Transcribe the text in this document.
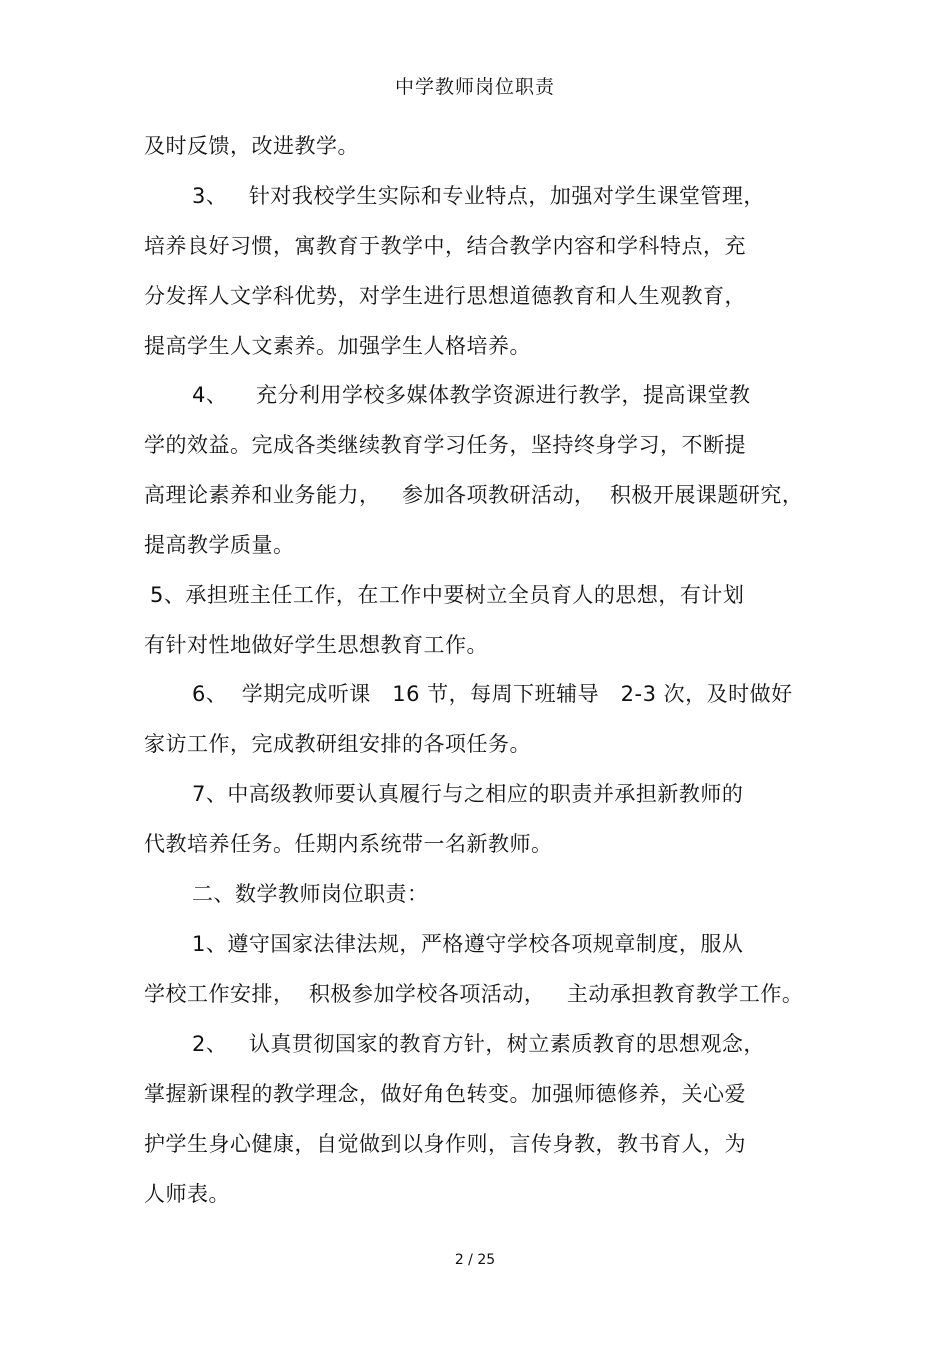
中学教师岗位职责
及时反馈，改进教学。
3、   针对我校学生实际和专业特点，加强对学生课堂管理，
培养良好习惯，寓教育于教学中，结合教学内容和学科特点，充
分发挥人文学科优势，对学生进行思想道德教育和人生观教育，
提高学生人文素养。加强学生人格培养。
4、    充分利用学校多媒体教学资源进行教学，提高课堂教
学的效益。完成各类继续教育学习任务，坚持终身学习，不断提
高理论素养和业务能力，   参加各项教研活动，  积极开展课题研究，
提高教学质量。
5、承担班主任工作，在工作中要树立全员育人的思想，有计划
有针对性地做好学生思想教育工作。
6、  学期完成听课   16 节，每周下班辅导   2-3 次，及时做好
家访工作，完成教研组安排的各项任务。
7、中高级教师要认真履行与之相应的职责并承担新教师的
代教培养任务。任期内系统带一名新教师。
二、数学教师岗位职责：
1、遵守国家法律法规，严格遵守学校各项规章制度，服从
学校工作安排，  积极参加学校各项活动，   主动承担教育教学工作。
2、   认真贯彻国家的教育方针，树立素质教育的思想观念，
掌握新课程的教学理念，做好角色转变。加强师德修养，关心爱
护学生身心健康，自觉做到以身作则，言传身教，教书育人，为
人师表。
2 / 25
